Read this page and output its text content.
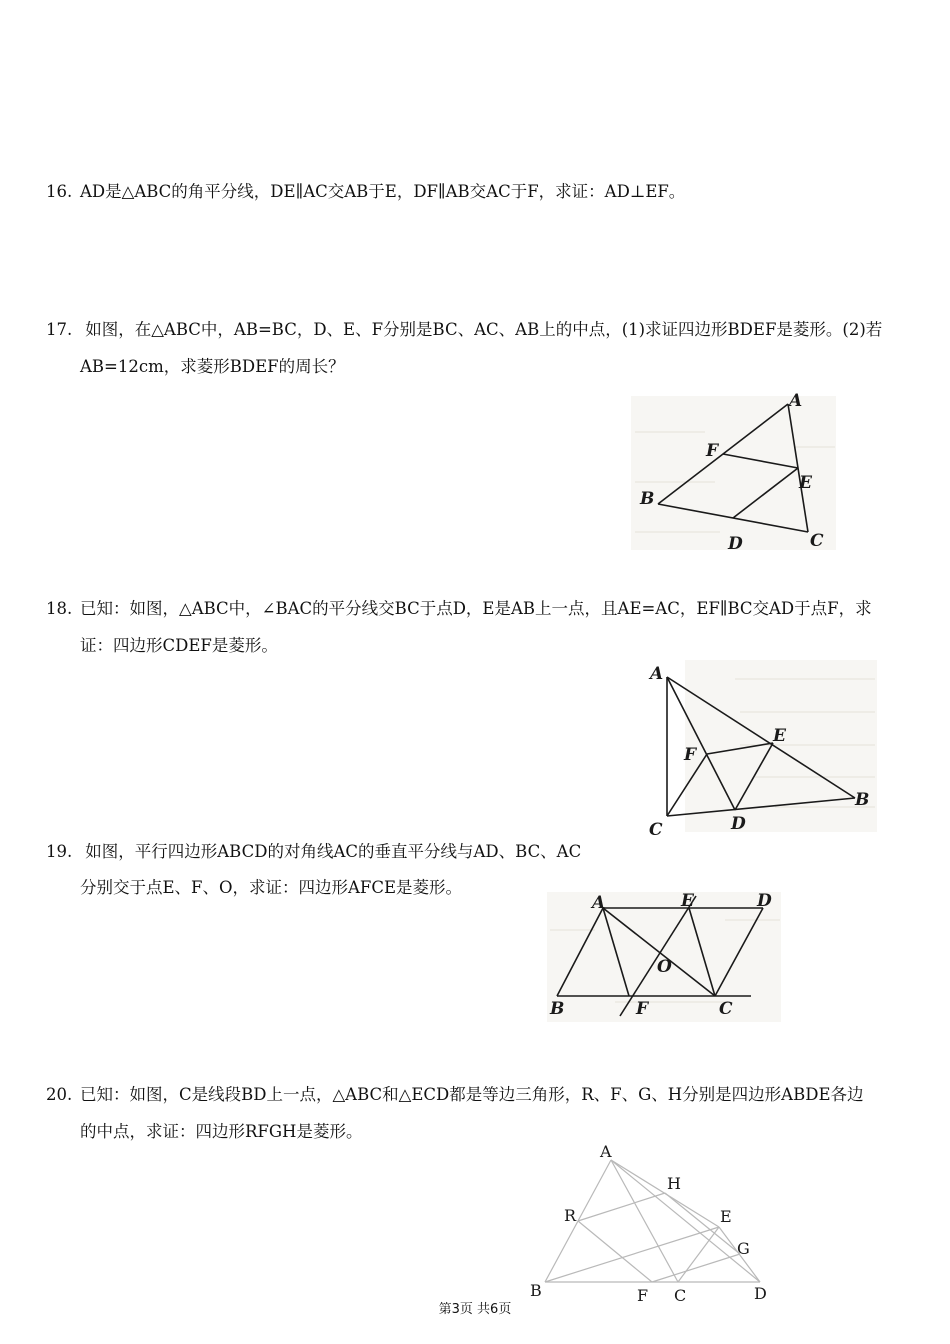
16. AD是△ABC的角平分线，DE∥AC交AB于E，DF∥AB交AC于F，求证：AD⊥EF。
17. 如图，在△ABC中，AB=BC，D、E、F分别是BC、AC、AB上的中点，(1)求证四边形BDEF是菱形。(2)若
AB=12cm，求菱形BDEF的周长？
A
B
C
D
E
F
18. 已知：如图，△ABC中，∠BAC的平分线交BC于点D，E是AB上一点，且AE=AC，EF∥BC交AD于点F，求
证：四边形CDEF是菱形。
A
B
C	D
E
F
19. 如图，平行四边形ABCD的对角线AC的垂直平分线与AD、BC、AC
分别交于点E、F、O，求证：四边形AFCE是菱形。
A
B	C
D
E
F
O
20. 已知：如图，C是线段BD上一点，△ABC和△ECD都是等边三角形，R、F、G、H分别是四边形ABDE各边
的中点，求证：四边形RFGH是菱形。
A
B	C	D
E
F
G
H
R
第3页 共6页
